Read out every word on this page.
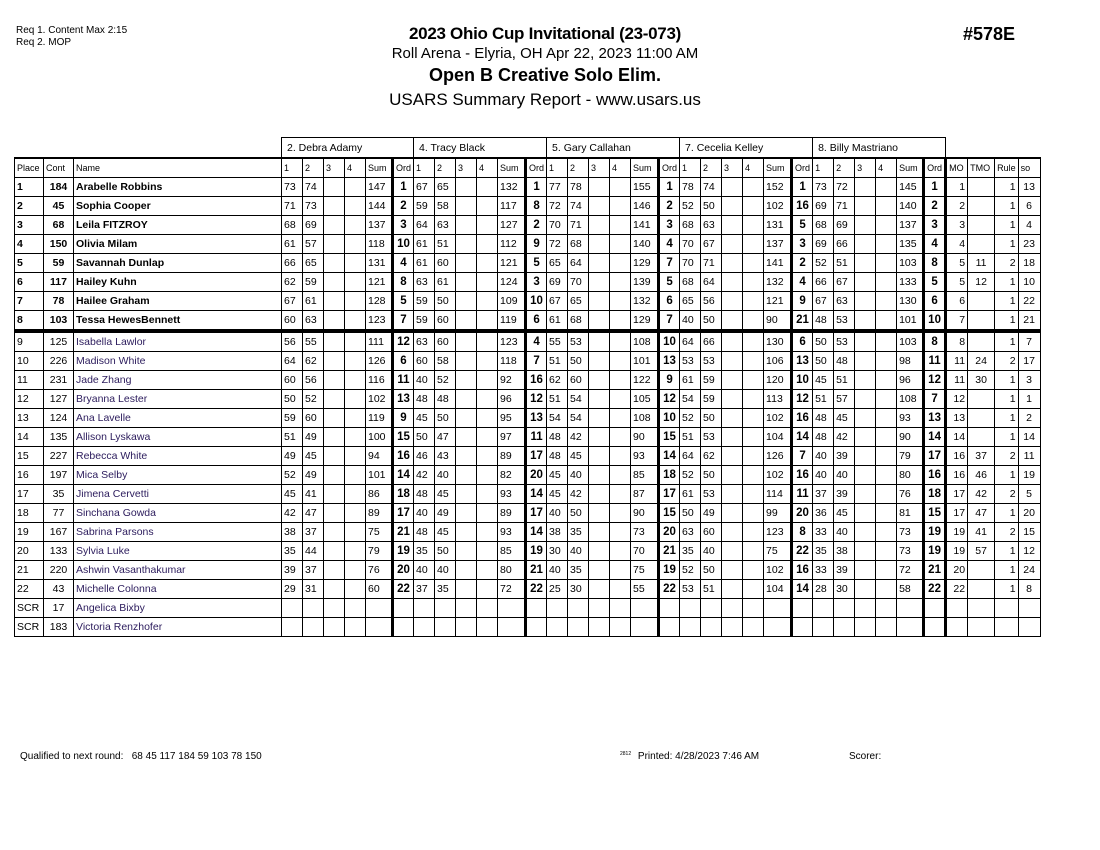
Req 1. Content Max 2:15
Req 2. MOP	2023 Ohio Cup Invitational (23-073)
Roll Arena - Elyria, OH Apr 22, 2023 11:00 AM
Open B Creative Solo Elim.
USARS Summary Report - www.usars.us
#578E
			2. Debra Adamy						4. Tracy Black						5. Gary Callahan						7. Cecelia Kelley						8. Billy Mastriano									
Place	Cont	Name	1	2	3	4	Sum	Ord	1	2	3	4	Sum	Ord	1	2	3	4	Sum	Ord	1	2	3	4	Sum	Ord	1	2	3	4	Sum	Ord	MO	TMO	Rule	so
1	184	Arabelle Robbins	73	74			147	1	67	65			132	1	77	78			155	1	78	74			152	1	73	72			145	1	1		1	13
2	45	Sophia Cooper	71	73			144	2	59	58			117	8	72	74			146	2	52	50			102	16	69	71			140	2	2		1	6
3	68	Leila FITZROY	68	69			137	3	64	63			127	2	70	71			141	3	68	63			131	5	68	69			137	3	3		1	4
4	150	Olivia Milam	61	57			118	10	61	51			112	9	72	68			140	4	70	67			137	3	69	66			135	4	4		1	23
5	59	Savannah Dunlap	66	65			131	4	61	60			121	5	65	64			129	7	70	71			141	2	52	51			103	8	5	11	2	18
6	117	Hailey Kuhn	62	59			121	8	63	61			124	3	69	70			139	5	68	64			132	4	66	67			133	5	5	12	1	10
7	78	Hailee Graham	67	61			128	5	59	50			109	10	67	65			132	6	65	56			121	9	67	63			130	6	6		1	22
8	103	Tessa HewesBennett	60	63			123	7	59	60			119	6	61	68			129	7	40	50			90	21	48	53			101	10	7		1	21
9	125	Isabella Lawlor	56	55			111	12	63	60			123	4	55	53			108	10	64	66			130	6	50	53			103	8	8		1	7
10	226	Madison White	64	62			126	6	60	58			118	7	51	50			101	13	53	53			106	13	50	48			98	11	11	24	2	17
11	231	Jade Zhang	60	56			116	11	40	52			92	16	62	60			122	9	61	59			120	10	45	51			96	12	11	30	1	3
12	127	Bryanna Lester	50	52			102	13	48	48			96	12	51	54			105	12	54	59			113	12	51	57			108	7	12		1	1
13	124	Ana Lavelle	59	60			119	9	45	50			95	13	54	54			108	10	52	50			102	16	48	45			93	13	13		1	2
14	135	Allison Lyskawa	51	49			100	15	50	47			97	11	48	42			90	15	51	53			104	14	48	42			90	14	14		1	14
15	227	Rebecca White	49	45			94	16	46	43			89	17	48	45			93	14	64	62			126	7	40	39			79	17	16	37	2	11
16	197	Mica Selby	52	49			101	14	42	40			82	20	45	40			85	18	52	50			102	16	40	40			80	16	16	46	1	19
17	35	Jimena Cervetti	45	41			86	18	48	45			93	14	45	42			87	17	61	53			114	11	37	39			76	18	17	42	2	5
18	77	Sinchana Gowda	42	47			89	17	40	49			89	17	40	50			90	15	50	49			99	20	36	45			81	15	17	47	1	20
19	167	Sabrina Parsons	38	37			75	21	48	45			93	14	38	35			73	20	63	60			123	8	33	40			73	19	19	41	2	15
20	133	Sylvia Luke	35	44			79	19	35	50			85	19	30	40			70	21	35	40			75	22	35	38			73	19	19	57	1	12
21	220	Ashwin Vasanthakumar	39	37			76	20	40	40			80	21	40	35			75	19	52	50			102	16	33	39			72	21	20		1	24
22	43	Michelle Colonna	29	31			60	22	37	35			72	22	25	30			55	22	53	51			104	14	28	30			58	22	22		1	8
SCR	17	Angelica Bixby																																		
SCR	183	Victoria Renzhofer																																		
Qualified to next round: 68 45 117 184 59 103 78 150	$^{2812}$ Printed: 4/28/2023 7:46 AM	Scorer:
